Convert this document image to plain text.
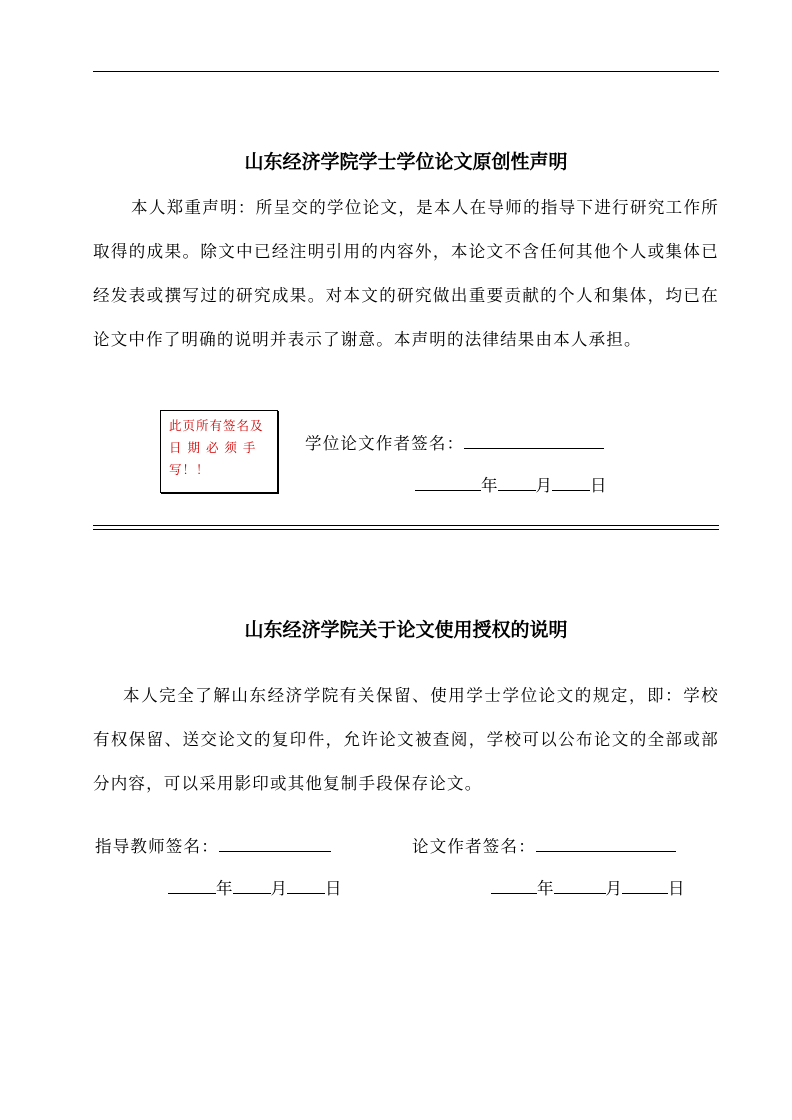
山东经济学院学士学位论文原创性声明
本人郑重声明：所呈交的学位论文，是本人在导师的指导下进行研究工作所取得的成果。除文中已经注明引用的内容外，本论文不含任何其他个人或集体已经发表或撰写过的研究成果。对本文的研究做出重要贡献的个人和集体，均已在论文中作了明确的说明并表示了谢意。本声明的法律结果由本人承担。
此页所有签名及日 期 必 须 手写！！
学位论文作者签名：
年 月 日
山东经济学院关于论文使用授权的说明
本人完全了解山东经济学院有关保留、使用学士学位论文的规定，即：学校有权保留、送交论文的复印件，允许论文被查阅，学校可以公布论文的全部或部分内容，可以采用影印或其他复制手段保存论文。
指导教师签名：	论文作者签名：
年 月 日	年	月	日
